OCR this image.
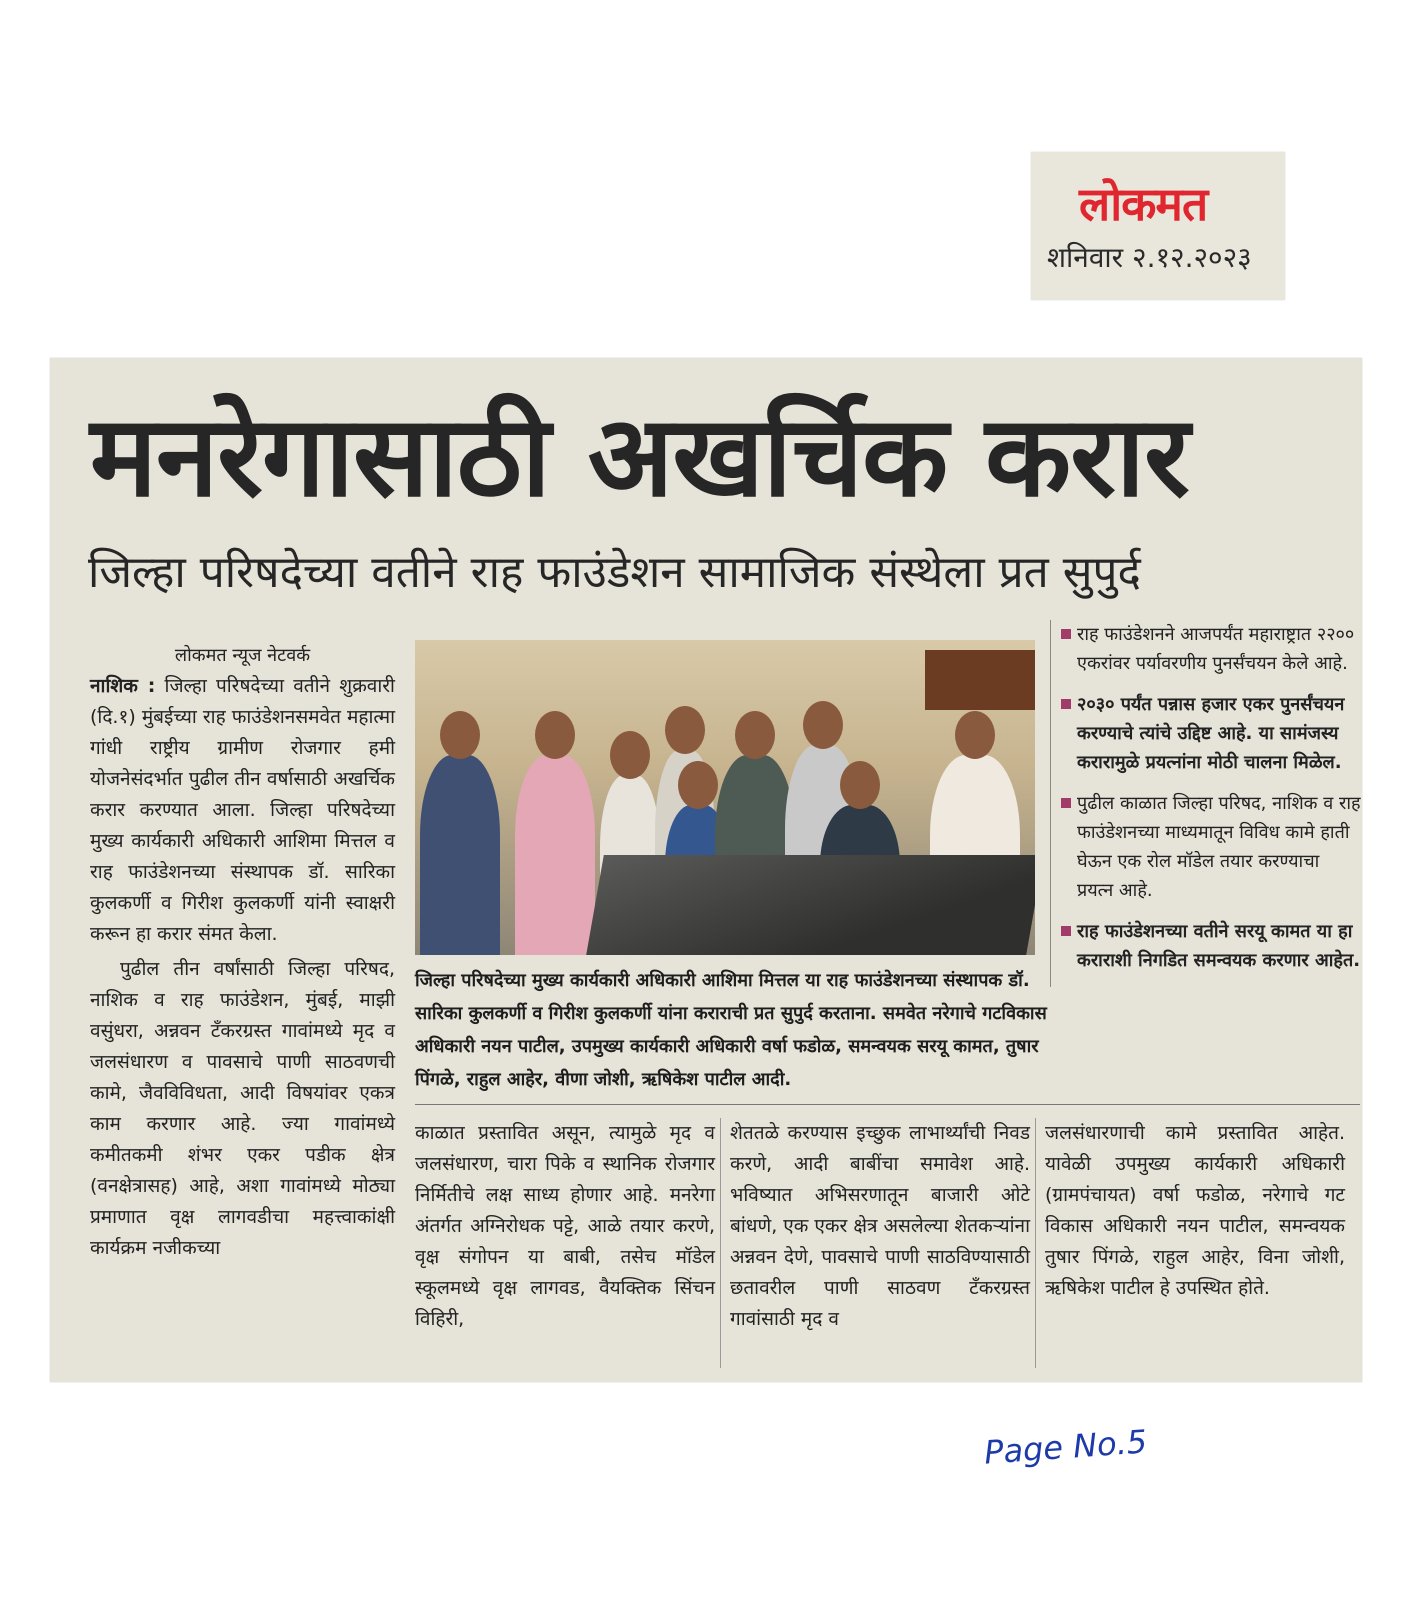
लोकमत
शनिवार २.१२.२०२३
मनरेगासाठी अखर्चिक करार
जिल्हा परिषदेच्या वतीने राह फाउंडेशन सामाजिक संस्थेला प्रत सुपुर्द

लोकमत न्यूज नेटवर्क

नाशिक : जिल्हा परिषदेच्या वतीने शुक्रवारी (दि.१) मुंबईच्या राह फाउंडेशनसमवेत महात्मा गांधी राष्ट्रीय ग्रामीण रोजगार हमी योजनेसंदर्भात पुढील तीन वर्षासाठी अखर्चिक करार करण्यात आला. जिल्हा परिषदेच्या मुख्य कार्यकारी अधिकारी आशिमा मित्तल व राह फाउंडेशनच्या संस्थापक डॉ. सारिका कुलकर्णी व गिरीश कुलकर्णी यांनी स्वाक्षरी करून हा करार संमत केला.

पुढील तीन वर्षांसाठी जिल्हा परिषद, नाशिक व राह फाउंडेशन, मुंबई, माझी वसुंधरा, अन्नवन टँकरग्रस्त गावांमध्ये मृद व जलसंधारण व पावसाचे पाणी साठवणची कामे, जैवविविधता, आदी विषयांवर एकत्र काम करणार आहे. ज्या गावांमध्ये कमीतकमी शंभर एकर पडीक क्षेत्र (वनक्षेत्रासह) आहे, अशा गावांमध्ये मोठ्या प्रमाणात वृक्ष लागवडीचा महत्त्वाकांक्षी कार्यक्रम नजीकच्या

जिल्हा परिषदेच्या मुख्य कार्यकारी अधिकारी आशिमा मित्तल या राह फाउंडेशनच्या संस्थापक डॉ. सारिका कुलकर्णी व गिरीश कुलकर्णी यांना कराराची प्रत सुपुर्द करताना. समवेत नरेगाचे गटविकास अधिकारी नयन पाटील, उपमुख्य कार्यकारी अधिकारी वर्षा फडोळ, समन्वयक सरयू कामत, तुषार पिंगळे, राहुल आहेर, वीणा जोशी, ऋषिकेश पाटील आदी.
राह फाउंडेशनने आजपर्यंत महाराष्ट्रात २२०० एकरांवर पर्यावरणीय पुनर्संचयन केले आहे.
२०३० पर्यंत पन्नास हजार एकर पुनर्संचयन करण्याचे त्यांचे उद्दिष्ट आहे. या सामंजस्य करारामुळे प्रयत्नांना मोठी चालना मिळेल.
पुढील काळात जिल्हा परिषद, नाशिक व राह फाउंडेशनच्या माध्यमातून विविध कामे हाती घेऊन एक रोल मॉडेल तयार करण्याचा प्रयत्न आहे.
राह फाउंडेशनच्या वतीने सरयू कामत या हा कराराशी निगडित समन्वयक करणार आहेत.

काळात प्रस्तावित असून, त्यामुळे मृद व जलसंधारण, चारा पिके व स्थानिक रोजगार निर्मितीचे लक्ष साध्य होणार आहे. मनरेगा अंतर्गत अग्निरोधक पट्टे, आळे तयार करणे, वृक्ष संगोपन या बाबी, तसेच मॉडेल स्कूलमध्ये वृक्ष लागवड, वैयक्तिक सिंचन विहिरी,

शेततळे करण्यास इच्छुक लाभार्थ्यांची निवड करणे, आदी बाबींचा समावेश आहे. भविष्यात अभिसरणातून बाजारी ओटे बांधणे, एक एकर क्षेत्र असलेल्या शेतकऱ्यांना अन्नवन देणे, पावसाचे पाणी साठविण्यासाठी छतावरील पाणी साठवण टँकरग्रस्त गावांसाठी मृद व

जलसंधारणाची कामे प्रस्तावित आहेत. यावेळी उपमुख्य कार्यकारी अधिकारी (ग्रामपंचायत) वर्षा फडोळ, नरेगाचे गट विकास अधिकारी नयन पाटील, समन्वयक तुषार पिंगळे, राहुल आहेर, विना जोशी, ऋषिकेश पाटील हे उपस्थित होते.

Page No.5
